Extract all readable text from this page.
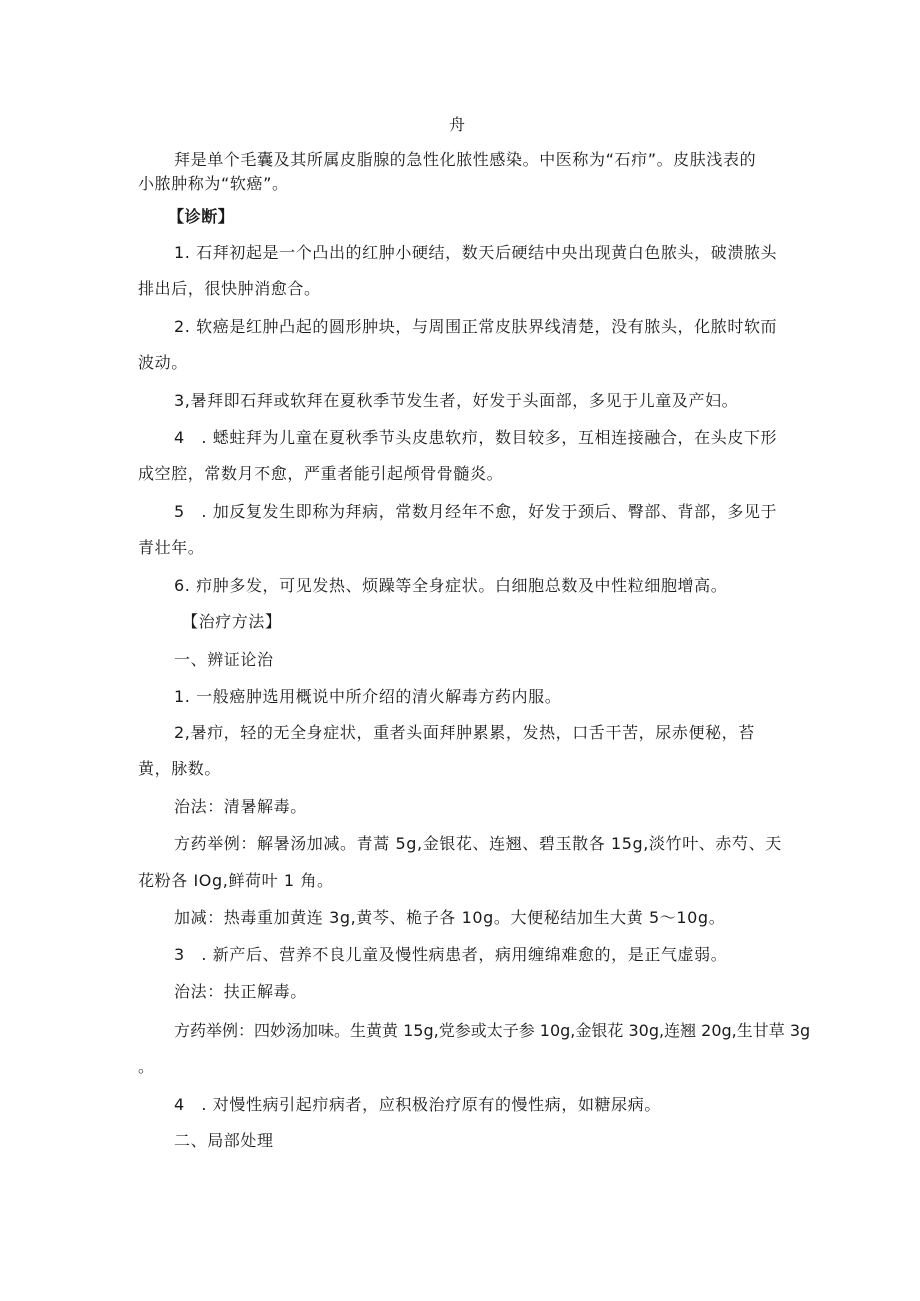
舟
拜是单个毛囊及其所属皮脂腺的急性化脓性感染。中医称为“石疖”。皮肤浅表的
小脓肿称为“软癌”。
【诊断】
1. 石拜初起是一个凸出的红肿小硬结，数天后硬结中央出现黄白色脓头，破溃脓头
排出后，很快肿消愈合。
2. 软癌是红肿凸起的圆形肿块，与周围正常皮肤界线清楚，没有脓头，化脓时软而
波动。
3,暑拜即石拜或软拜在夏秋季节发生者，好发于头面部，多见于儿童及产妇。
4　. 蟋蛀拜为儿童在夏秋季节头皮患软疖，数目较多，互相连接融合，在头皮下形
成空腔，常数月不愈，严重者能引起颅骨骨髓炎。
5　. 加反复发生即称为拜病，常数月经年不愈，好发于颈后、臀部、背部，多见于
青壮年。
6. 疖肿多发，可见发热、烦躁等全身症状。白细胞总数及中性粒细胞增高。
【治疗方法】
一、辨证论治
1. 一般癌肿选用概说中所介绍的清火解毒方药内服。
2,暑疖，轻的无全身症状，重者头面拜肿累累，发热，口舌干苦，尿赤便秘，苔
黄，脉数。
治法：清暑解毒。
方药举例：解暑汤加减。青蒿 5g,金银花、连翘、碧玉散各 15g,淡竹叶、赤芍、天
花粉各 IOg,鲜荷叶 1 角。
加减：热毒重加黄连 3g,黄芩、桅子各 10g。大便秘结加生大黄 5～10g。
3　. 新产后、营养不良儿童及慢性病患者，病用缠绵难愈的，是正气虚弱。
治法：扶正解毒。
方药举例：四妙汤加味。生黄黄 15g,党参或太子参 10g,金银花 30g,连翘 20g,生甘草 3g
。
4　. 对慢性病引起疖病者，应积极治疗原有的慢性病，如糖尿病。
二、局部处理
